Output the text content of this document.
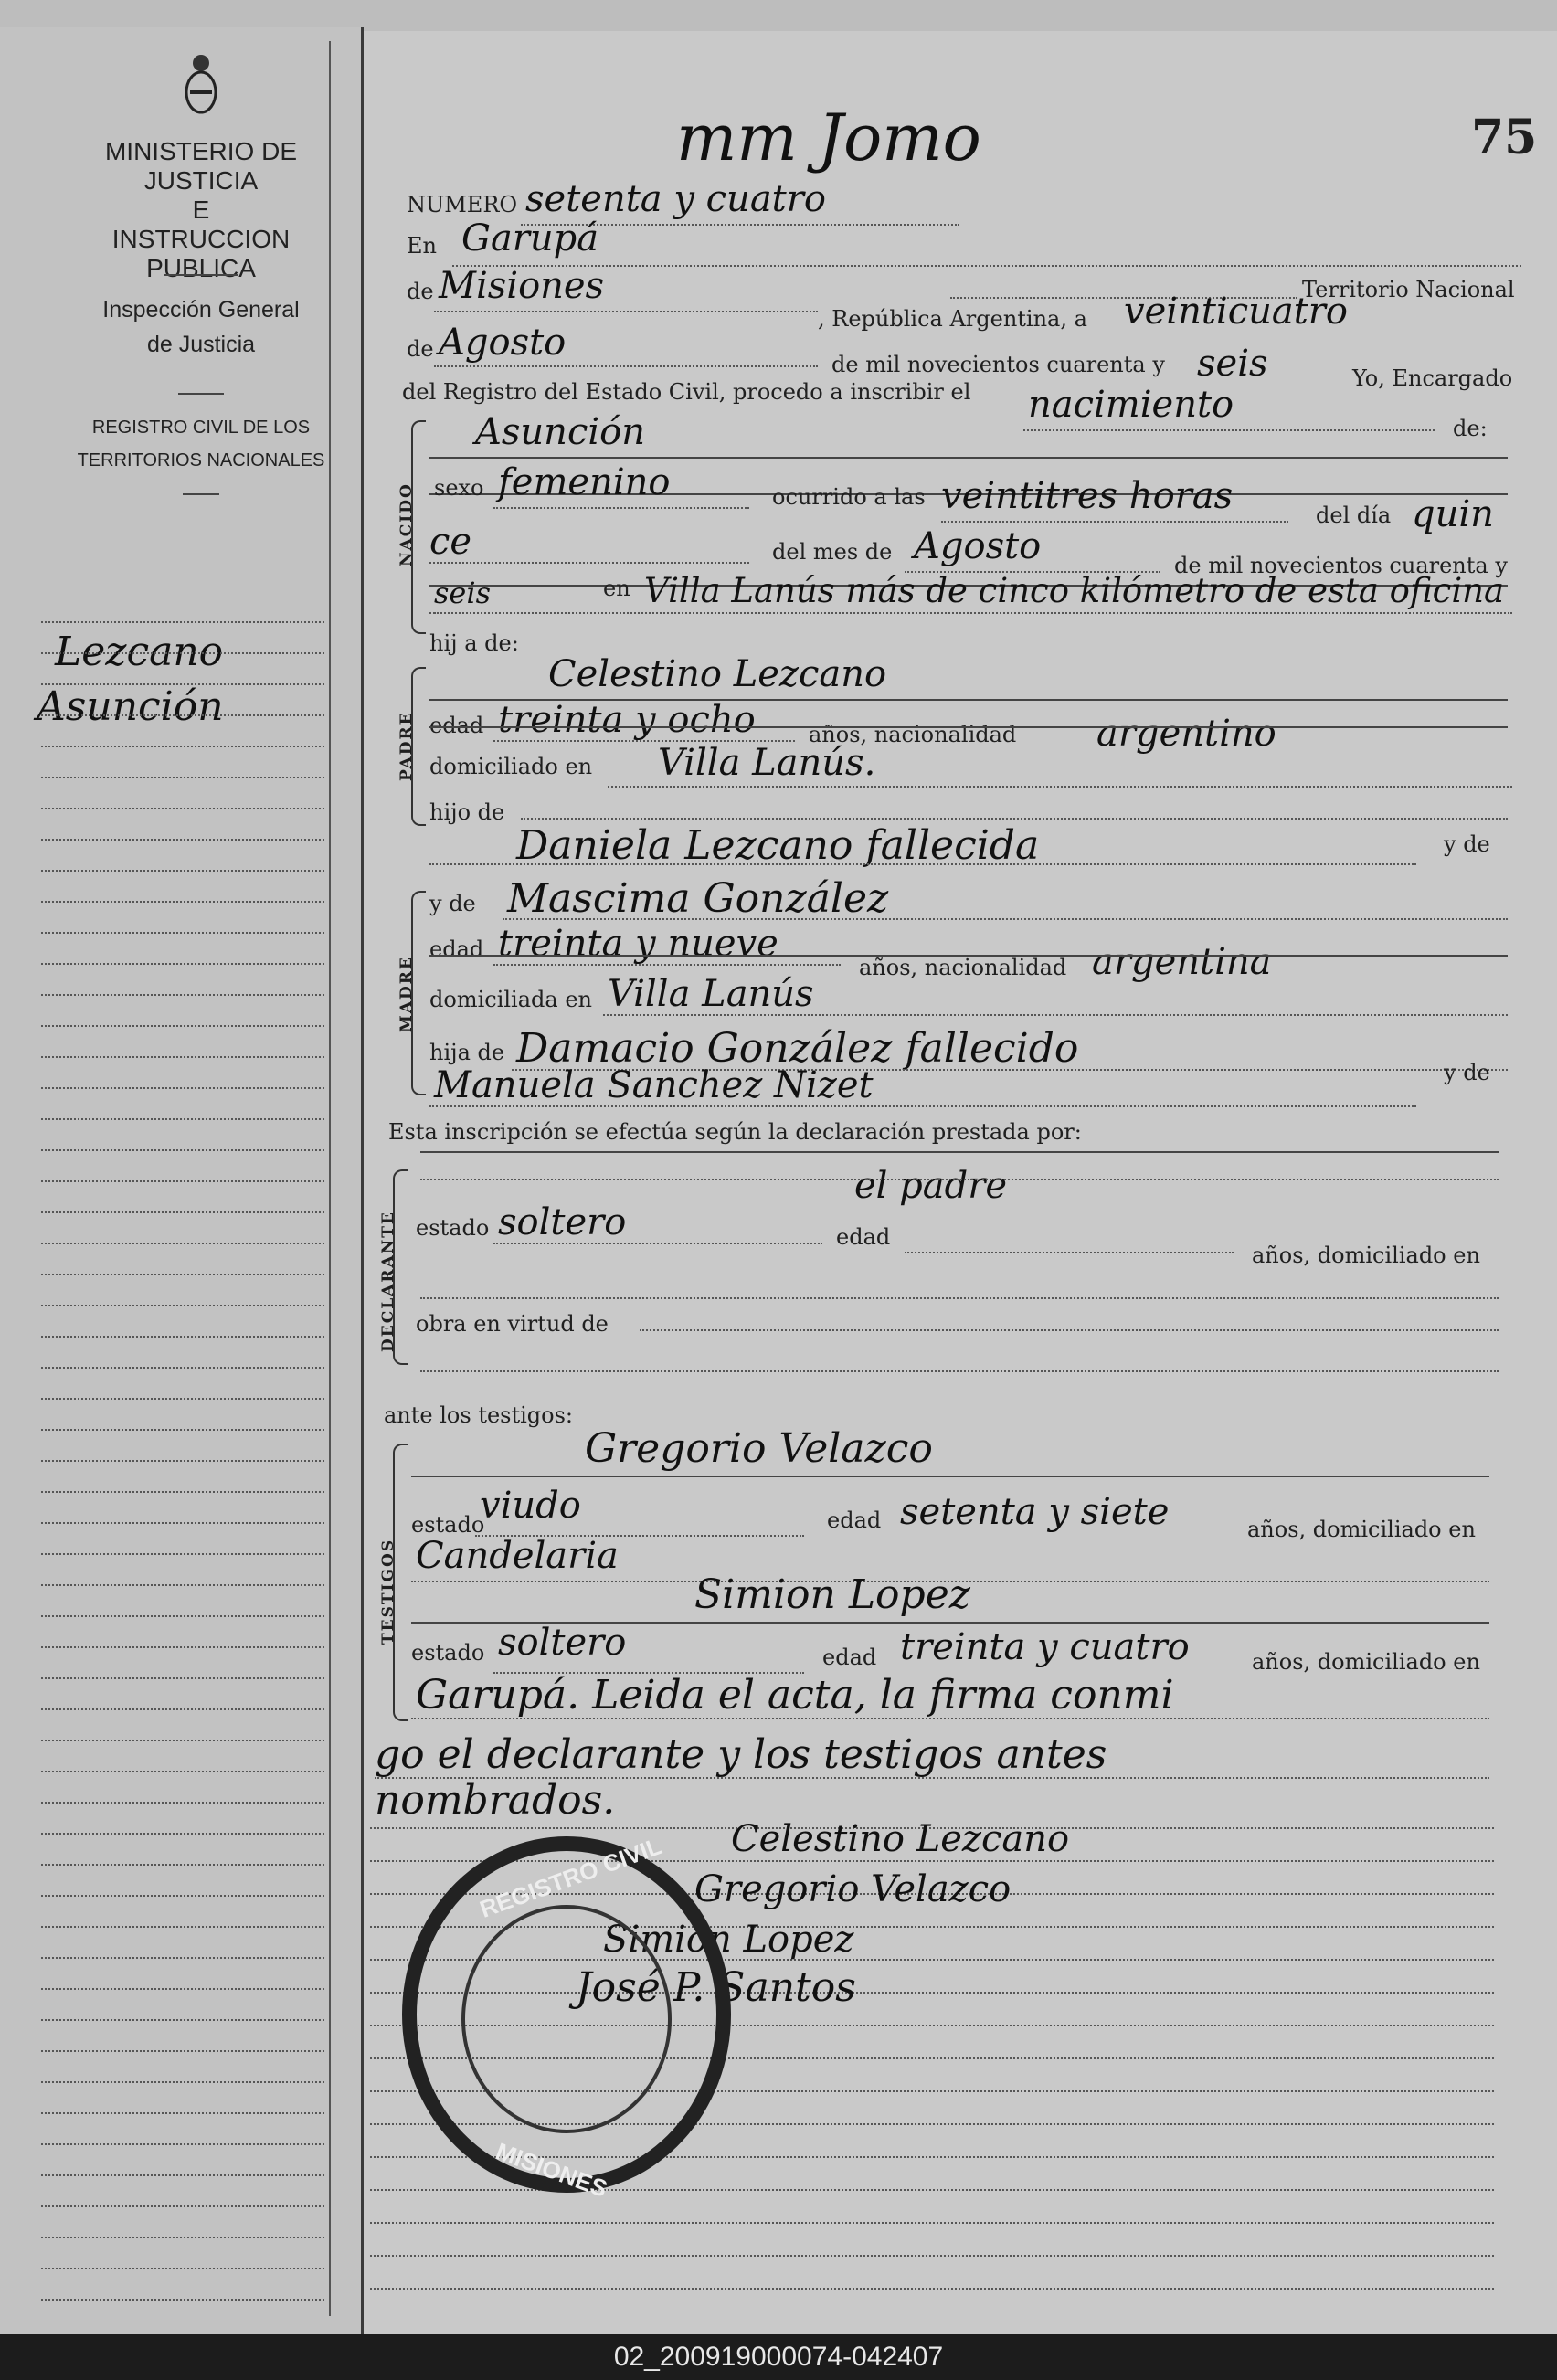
MINISTERIO DE JUSTICIA
E
INSTRUCCION PUBLICA
Inspección General
de Justicia
REGISTRO CIVIL DE LOS
TERRITORIOS NACIONALES
Lezcano
Asunción
75
mm Jomo
NUMERO setenta y cuatro
En Garupá
de Misiones	Territorio Nacional
, República Argentina, a veinticuatro
de Agosto
de mil novecientos cuarenta y seis	Yo, Encargado
del Registro del Estado Civil, procedo a inscribir el nacimiento
de:
NACIDO
Asunción
sexo femenino	ocurrido a las veintitres horas	del día quin
ce	del mes de Agosto	de mil novecientos cuarenta y
seis	en Villa Lanús más de cinco kilómetro de esta oficina
hij a de:
PADRE
Celestino Lezcano
edad treinta y ocho años, nacionalidad argentino
domiciliado en Villa Lanús.
hijo de
Daniela Lezcano fallecida	y de
MADRE
y de Mascima González
edad treinta y nueve
años, nacionalidad argentina
domiciliada en Villa Lanús
hija de Damacio González fallecido
Manuela Sanchez Nizet	y de
Esta inscripción se efectúa según la declaración prestada por:
el padre
DECLARANTE estado soltero	edad
años, domiciliado en
obra en virtud de
ante los testigos:
TESTIGOS
Gregorio Velazco
estado
viudo	edad setenta y siete	años, domiciliado en
Candelaria
Simion Lopez
estado soltero	edad treinta y cuatro	años, domiciliado en
Garupá. Leida el acta, la firma conmi
go el declarante y los testigos antes
nombrados.
Celestino Lezcano
Gregorio Velazco
Simion Lopez
José P. Santos
REGISTRO CIVIL
MISIONES
02_200919000074-042407
